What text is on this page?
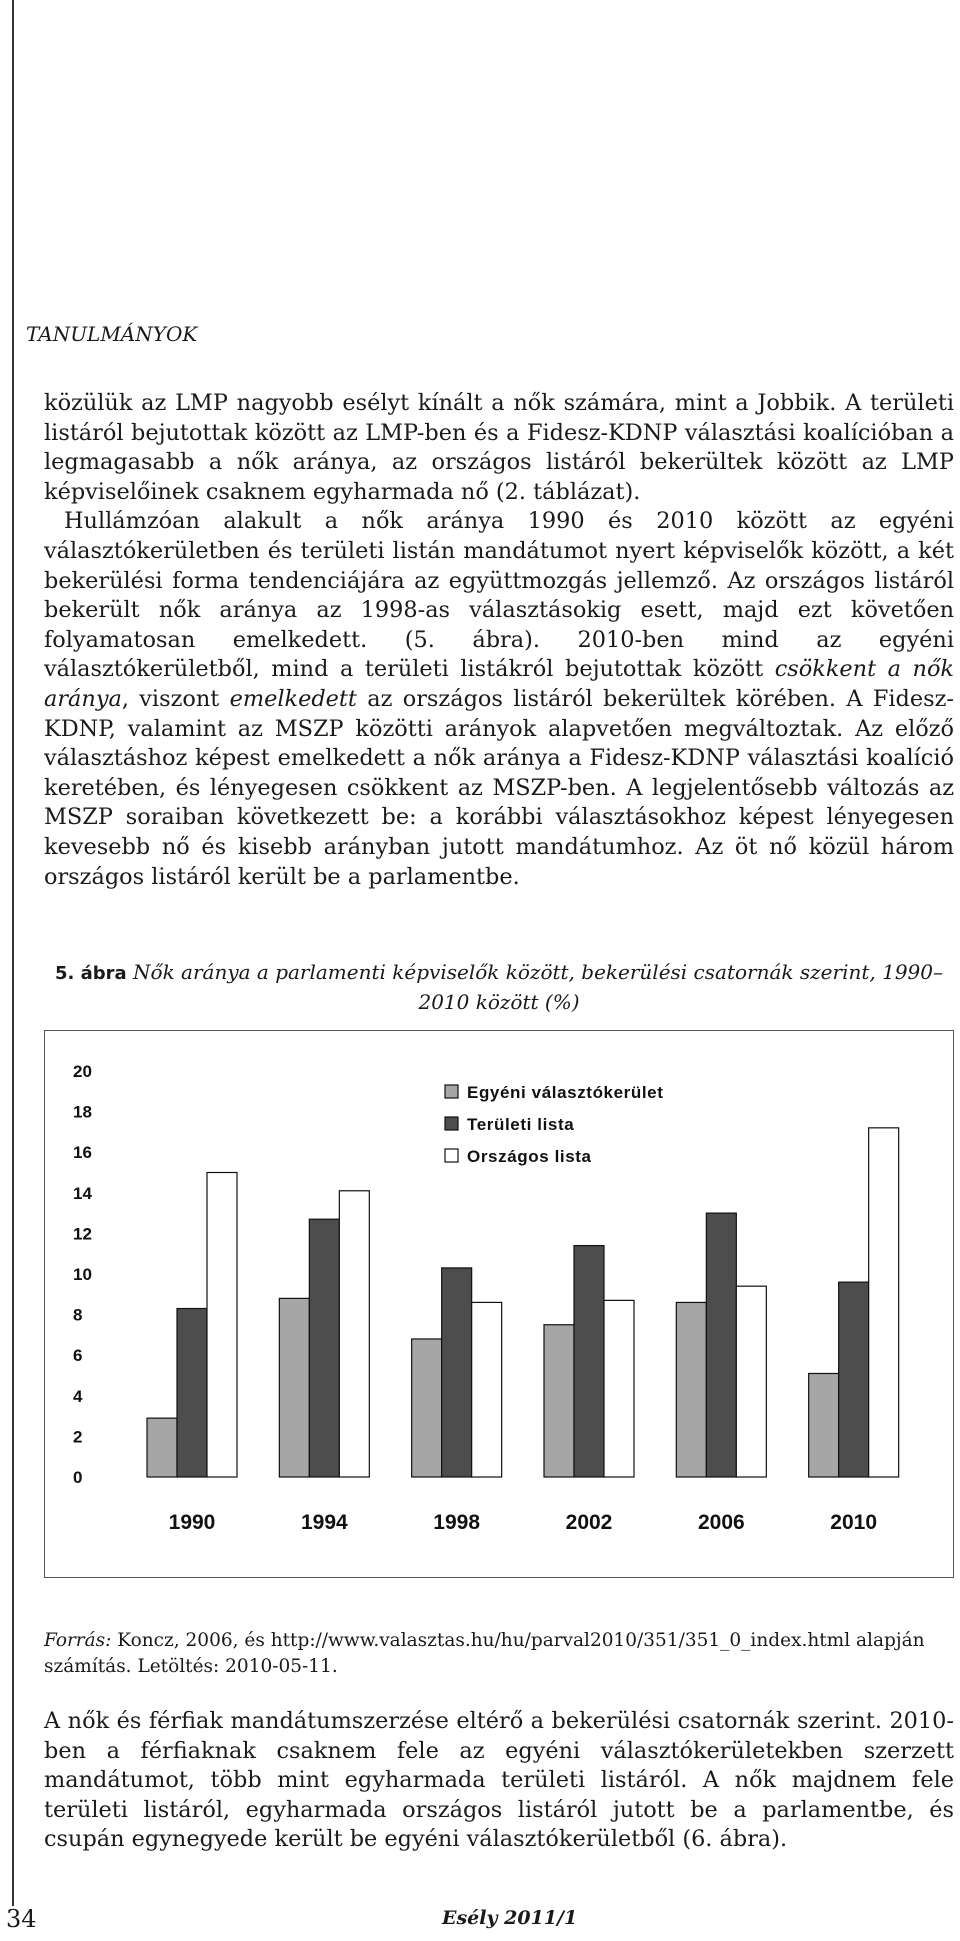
TANULMÁNYOK

közülük az LMP nagyobb esélyt kínált a nők számára, mint a Jobbik. A területi listáról bejutottak között az LMP-ben és a Fidesz-KDNP választási koalícióban a legmagasabb a nők aránya, az országos listáról bekerültek között az LMP képviselőinek csaknem egyharmada nő (2. táblázat).

Hullámzóan alakult a nők aránya 1990 és 2010 között az egyéni választókerületben és területi listán mandátumot nyert képviselők között, a két bekerülési forma tendenciájára az együttmozgás jellemző. Az országos listáról bekerült nők aránya az 1998-as választásokig esett, majd ezt követően folyamatosan emelkedett. (5. ábra). 2010-ben mind az egyéni választókerületből, mind a területi listákról bejutottak között csökkent a nők aránya, viszont emelkedett az országos listáról bekerültek körében. A Fidesz-KDNP, valamint az MSZP közötti arányok alapvetően megváltoztak. Az előző választáshoz képest emelkedett a nők aránya a Fidesz-KDNP választási koalíció keretében, és lényegesen csökkent az MSZP-ben. A legjelentősebb változás az MSZP soraiban következett be: a korábbi választásokhoz képest lényegesen kevesebb nő és kisebb arányban jutott mandátumhoz. Az öt nő közül három országos listáról került be a parlamentbe.

5. ábra Nők aránya a parlamenti képviselők között, bekerülési csatornák szerint, 1990–2010 között (%)
0
2
4
6
8
10
12
14
16
18
20
1990	1994	1998	2002	2006	2010
Egyéni választókerület
Területi lista
Országos lista
Forrás: Koncz, 2006, és http://www.valasztas.hu/hu/parval2010/351/351_0_index.html alapján számítás. Letöltés: 2010-05-11.

A nők és férfiak mandátumszerzése eltérő a bekerülési csatornák szerint. 2010-ben a férfiaknak csaknem fele az egyéni választókerületekben szerzett mandátumot, több mint egyharmada területi listáról. A nők majdnem fele területi listáról, egyharmada országos listáról jutott be a parlamentbe, és csupán egynegyede került be egyéni választókerületből (6. ábra).

34	Esély 2011/1
